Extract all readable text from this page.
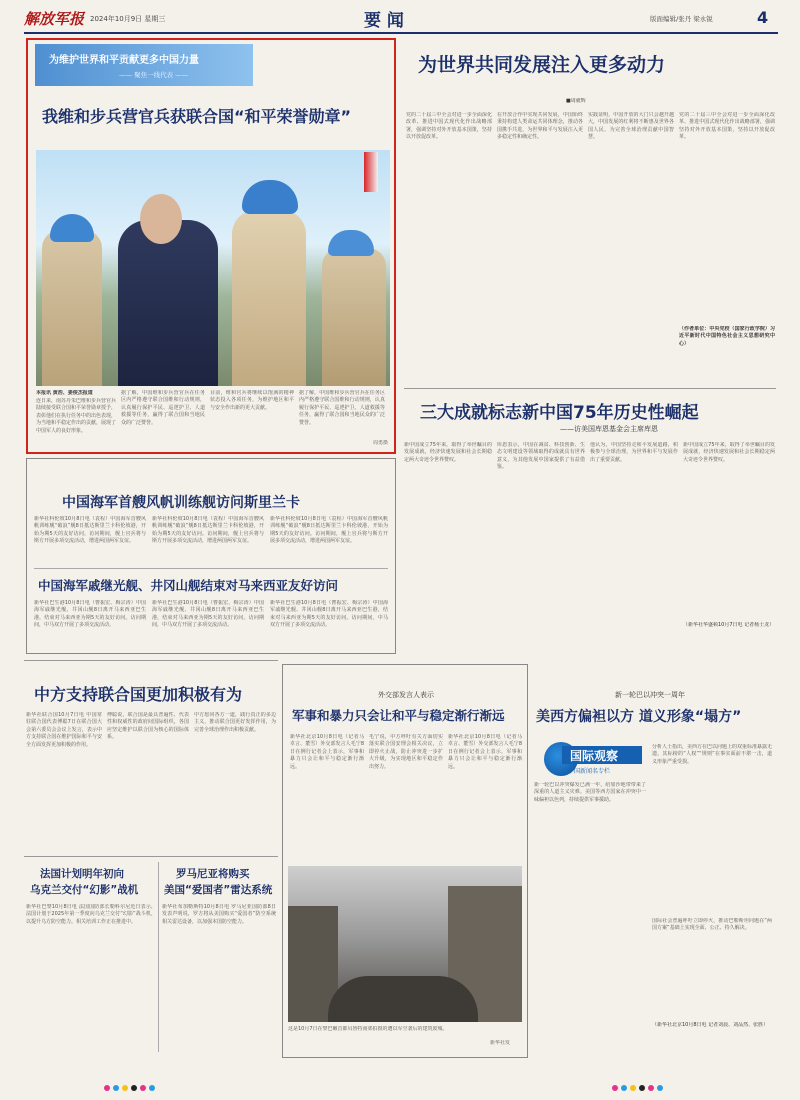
解放军报 2024年10月9日 星期三	要 闻	版面编辑/张丹 梁永锐	4
为维护世界和平贡献更多中国力量
—— 聚焦一线代表 ——
我维和步兵营官兵获联合国“和平荣誉勋章”
本报讯 黄浩、姜俊杰报道
连日来，南苏丹朱巴维和步兵营官兵陆续接受联合国和平荣誉勋章授予，表彰他们在执行任务中的出色表现，为当地和平稳定作出的贡献，展现了中国军人的良好形象。
据了解，中国维和步兵营官兵在任务区内严格遵守联合国维和行动规则，认真履行保护平民、巡逻护卫、人道救援等任务，赢得了联合国和当地民众的广泛赞誉。
目前，维和官兵将继续以饱满的精神状态投入各项任务，为维护地区和平与安全作出新的更大贡献。
据了解，中国维和步兵营官兵在任务区内严格遵守联合国维和行动规则，认真履行保护平民、巡逻护卫、人道救援等任务，赢得了联合国和当地民众的广泛赞誉。
周勇摄
为世界共同发展注入更多动力
■周就辉
党的二十届三中全会对进一步全面深化改革、推进中国式现代化作出战略部署，强调坚持对外开放基本国策，坚持以开放促改革。
在开放合作中实现共同发展，中国始终秉持构建人类命运共同体理念，推动各国携手共进，为世界和平与发展注入更多稳定性和确定性。
实践证明，中国开放的大门只会越开越大，中国发展的红利将不断惠及世界各国人民，为完善全球治理贡献中国智慧。
党的二十届三中全会对进一步全面深化改革、推进中国式现代化作出战略部署，强调坚持对外开放基本国策，坚持以开放促改革。
（作者单位：中央党校（国家行政学院）习近平新时代中国特色社会主义思想研究中心）
三大成就标志新中国75年历史性崛起
——访美国库恩基金会主席库恩
新中国成立75年来，取得了举世瞩目的发展成就，经济快速发展和社会长期稳定两大奇迹令世界赞叹。
库恩表示，中国在减贫、科技创新、生态文明建设等领域取得的成就具有世界意义，为其他发展中国家提供了有益借鉴。
他认为，中国坚持走和平发展道路，积极参与全球治理，为世界和平与发展作出了重要贡献。
新中国成立75年来，取得了举世瞩目的发展成就，经济快速发展和社会长期稳定两大奇迹令世界赞叹。
（新华社华盛顿10月7日电 记者杨士龙）
中国海军首艘风帆训练舰访问斯里兰卡
新华社科伦坡10月8日电（袁程）中国海军首艘风帆训练舰“破浪”舰8日抵达斯里兰卡科伦坡港，开始为期5天的友好访问。访问期间，舰上官兵将与斯方开展多项交流活动，增进两国两军友谊。
新华社科伦坡10月8日电（袁程）中国海军首艘风帆训练舰“破浪”舰8日抵达斯里兰卡科伦坡港，开始为期5天的友好访问。访问期间，舰上官兵将与斯方开展多项交流活动，增进两国两军友谊。
新华社科伦坡10月8日电（袁程）中国海军首艘风帆训练舰“破浪”舰8日抵达斯里兰卡科伦坡港，开始为期5天的友好访问。访问期间，舰上官兵将与斯方开展多项交流活动，增进两国两军友谊。
中国海军戚继光舰、井冈山舰结束对马来西亚友好访问
新华社巴生港10月8日电（曹振宏、梅宗涛）中国海军戚继光舰、井冈山舰8日离开马来西亚巴生港，结束对马来西亚为期5天的友好访问。访问期间，中马双方开展了多项交流活动。
新华社巴生港10月8日电（曹振宏、梅宗涛）中国海军戚继光舰、井冈山舰8日离开马来西亚巴生港，结束对马来西亚为期5天的友好访问。访问期间，中马双方开展了多项交流活动。
新华社巴生港10月8日电（曹振宏、梅宗涛）中国海军戚继光舰、井冈山舰8日离开马来西亚巴生港，结束对马来西亚为期5天的友好访问。访问期间，中马双方开展了多项交流活动。
中方支持联合国更加积极有为
新华社联合国10月7日电 中国常驻联合国代表傅聪7日在联合国大会第六委员会会议上发言，表示中方支持联合国在维护国际和平与安全方面发挥更加积极的作用。
傅聪说，联合国是最具普遍性、代表性和权威性的政府间国际组织，各国应坚定维护以联合国为核心的国际体系。
中方愿同各方一道，践行真正的多边主义，推动联合国更好发挥作用，为完善全球治理作出积极贡献。
外交部发言人表示
军事和暴力只会让和平与稳定渐行渐远
新华社北京10月8日电（记者马卓言、董雪）外交部发言人毛宁8日在例行记者会上表示，军事和暴力只会让和平与稳定渐行渐远。
毛宁说，中方呼吁有关方面切实落实联合国安理会相关决议，立即停火止战，防止冲突进一步扩大升级，为实现地区和平稳定作出努力。
新华社北京10月8日电（记者马卓言、董雪）外交部发言人毛宁8日在例行记者会上表示，军事和暴力只会让和平与稳定渐行渐远。
这是10月7日在黎巴嫩首都贝鲁特南郊拍摄的遭以军空袭后的建筑废墟。
新华社发
新一轮巴以冲突一周年
美西方偏袒以方 道义形象“塌方”
国际观察
中国新闻名专栏
新一轮巴以冲突爆发已满一年，给加沙地带带来了深重的人道主义灾难。美国等西方国家在冲突中一味偏袒以色列，持续提供军事援助。
分析人士指出，美西方在巴以问题上的双重标准暴露无遗，其标榜的“人权”“规则”在事实面前不堪一击，道义形象严重受损。
国际社会普遍呼吁立即停火，推动巴勒斯坦问题在“两国方案”基础上实现全面、公正、持久解决。
（新华社北京10月8日电 记者刘晨、刘品然、张胜）
法国计划明年初向
乌克兰交付“幻影”战机
新华社巴黎10月8日电 法国国防部长勒科尔尼近日表示，法国计划于2025年第一季度向乌克兰交付“幻影”战斗机，以提升乌方防空能力。相关培训工作正在推进中。
罗马尼亚将购买
美国“爱国者”雷达系统
新华社布加勒斯特10月8日电 罗马尼亚国防部8日发表声明说，罗方将从美国购买“爱国者”防空系统相关雷达设备，以加强本国防空能力。
